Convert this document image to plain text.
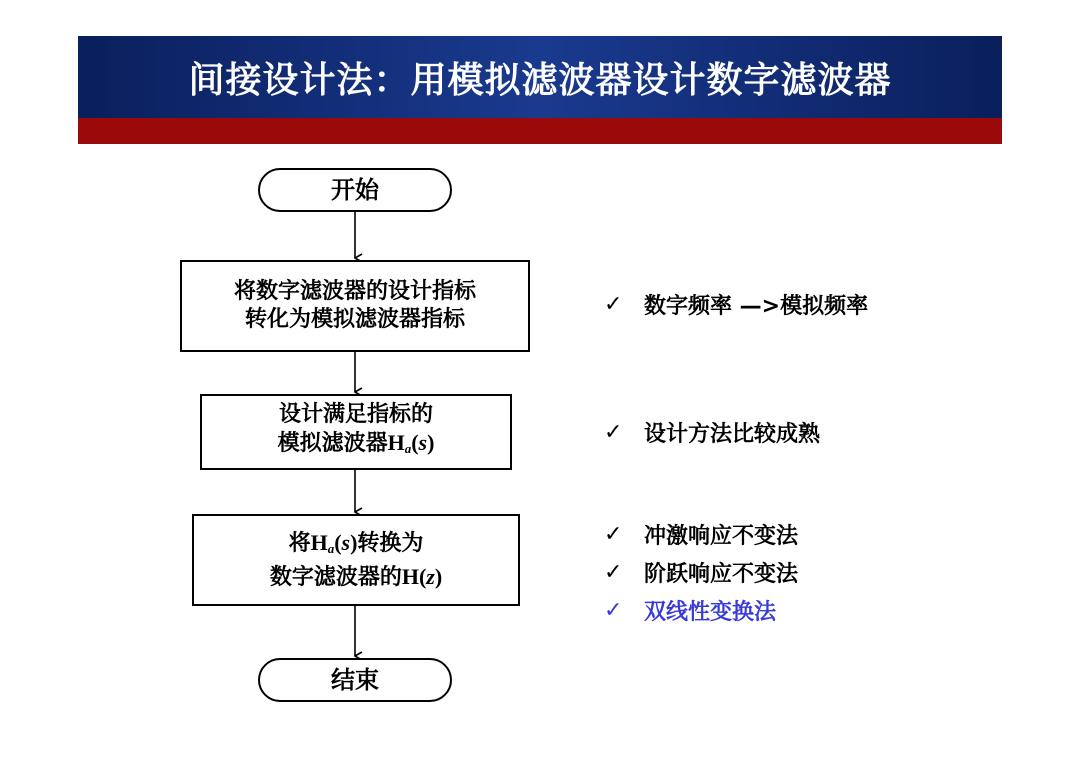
间接设计法：用模拟滤波器设计数字滤波器
开始
将数字滤波器的设计指标
转化为模拟滤波器指标
设计满足指标的
模拟滤波器$H_a(s)$
将$H_a(s)$转换为
数字滤波器的H(z)
结束
✓ 数字频率 —>模拟频率
✓ 设计方法比较成熟
✓ 冲激响应不变法
✓ 阶跃响应不变法
✓ 双线性变换法
